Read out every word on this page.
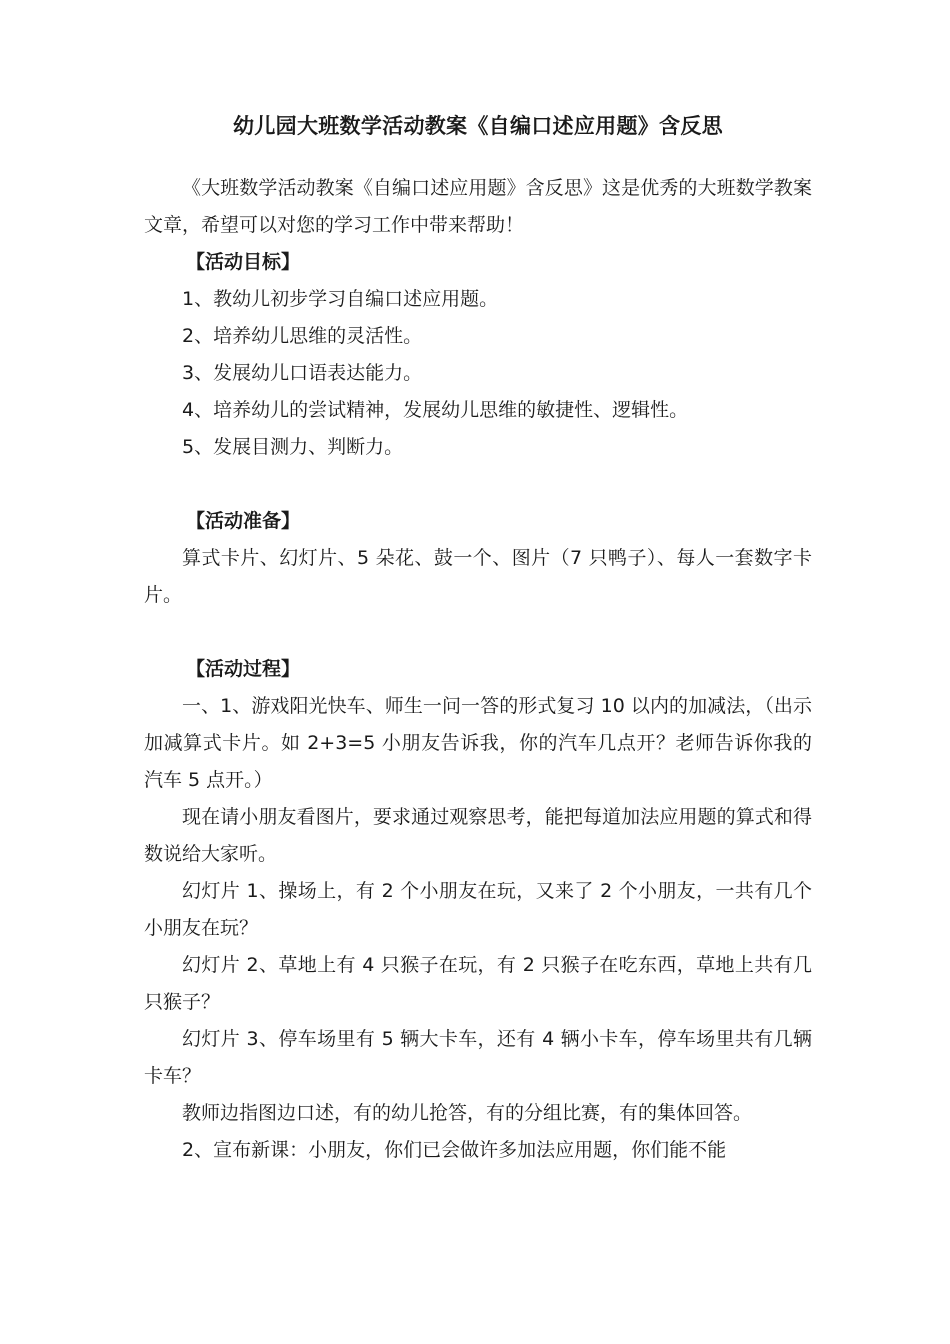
幼儿园大班数学活动教案《自编口述应用题》含反思

《大班数学活动教案《自编口述应用题》含反思》这是优秀的大班数学教案文章，希望可以对您的学习工作中带来帮助！

【活动目标】

1、教幼儿初步学习自编口述应用题。

2、培养幼儿思维的灵活性。

3、发展幼儿口语表达能力。

4、培养幼儿的尝试精神，发展幼儿思维的敏捷性、逻辑性。

5、发展目测力、判断力。

【活动准备】

算式卡片、幻灯片、5 朵花、鼓一个、图片（7 只鸭子）、每人一套数字卡片。

【活动过程】

一、1、游戏阳光快车、师生一问一答的形式复习 10 以内的加减法，（出示加减算式卡片。如 2+3=5 小朋友告诉我，你的汽车几点开？老师告诉你我的汽车 5 点开。）

现在请小朋友看图片，要求通过观察思考，能把每道加法应用题的算式和得数说给大家听。

幻灯片 1、操场上，有 2 个小朋友在玩，又来了 2 个小朋友，一共有几个小朋友在玩？

幻灯片 2、草地上有 4 只猴子在玩，有 2 只猴子在吃东西，草地上共有几只猴子？

幻灯片 3、停车场里有 5 辆大卡车，还有 4 辆小卡车，停车场里共有几辆卡车？

教师边指图边口述，有的幼儿抢答，有的分组比赛，有的集体回答。

2、宣布新课：小朋友，你们已会做许多加法应用题，你们能不能
